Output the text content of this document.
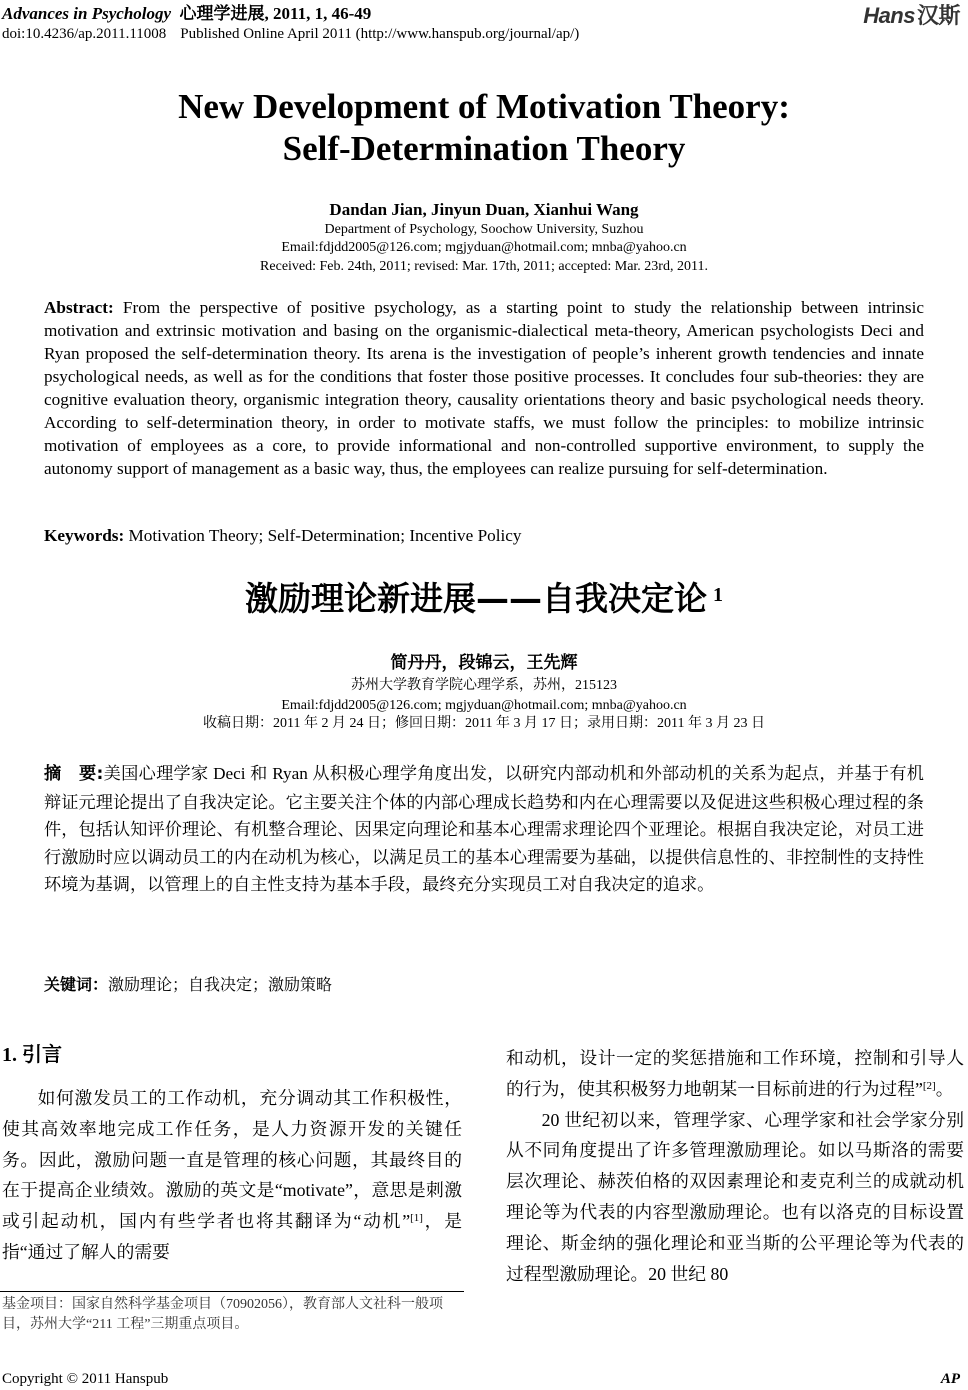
Advances in Psychology 心理学进展, 2011, 1, 46-49
doi:10.4236/ap.2011.11008 Published Online April 2011 (http://www.hanspub.org/journal/ap/)
Hans汉斯
New Development of Motivation Theory:
Self-Determination Theory
Dandan Jian, Jinyun Duan, Xianhui Wang
Department of Psychology, Soochow University, Suzhou
Email:fdjdd2005@126.com; mgjyduan@hotmail.com; mnba@yahoo.cn
Received: Feb. 24th, 2011; revised: Mar. 17th, 2011; accepted: Mar. 23rd, 2011.
Abstract: From the perspective of positive psychology, as a starting point to study the relationship between intrinsic motivation and extrinsic motivation and basing on the organismic-dialectical meta-theory, American psychologists Deci and Ryan proposed the self-determination theory. Its arena is the investigation of people’s inherent growth tendencies and innate psychological needs, as well as for the conditions that foster those positive processes. It concludes four sub-theories: they are cognitive evaluation theory, organismic integration theory, causality orientations theory and basic psychological needs theory. According to self-determination theory, in order to motivate staffs, we must follow the principles: to mobilize intrinsic motivation of employees as a core, to provide informational and non-controlled supportive environment, to supply the autonomy support of management as a basic way, thus, the employees can realize pursuing for self-determination.
Keywords: Motivation Theory; Self-Determination; Incentive Policy
激励理论新进展——自我决定论 $^1$
简丹丹，段锦云，王先辉
苏州大学教育学院心理学系，苏州，215123
Email:fdjdd2005@126.com; mgjyduan@hotmail.com; mnba@yahoo.cn
收稿日期：2011 年 2 月 24 日；修回日期：2011 年 3 月 17 日；录用日期：2011 年 3 月 23 日
摘　要:美国心理学家 Deci 和 Ryan 从积极心理学角度出发，以研究内部动机和外部动机的关系为起点，并基于有机辩证元理论提出了自我决定论。它主要关注个体的内部心理成长趋势和内在心理需要以及促进这些积极心理过程的条件，包括认知评价理论、有机整合理论、因果定向理论和基本心理需求理论四个亚理论。根据自我决定论，对员工进行激励时应以调动员工的内在动机为核心，以满足员工的基本心理需要为基础，以提供信息性的、非控制性的支持性环境为基调，以管理上的自主性支持为基本手段，最终充分实现员工对自我决定的追求。
关键词：激励理论；自我决定；激励策略
1. 引言

如何激发员工的工作动机，充分调动其工作积极性，使其高效率地完成工作任务，是人力资源开发的关键任务。因此，激励问题一直是管理的核心问题，其最终目的在于提高企业绩效。激励的英文是“motivate”，意思是刺激或引起动机，国内有些学者也将其翻译为“动机”[1]，是指“通过了解人的需要

基金项目：国家自然科学基金项目（70902056），教育部人文社科一般项目，苏州大学“211 工程”三期重点项目。

和动机，设计一定的奖惩措施和工作环境，控制和引导人的行为，使其积极努力地朝某一目标前进的行为过程”[2]。

20 世纪初以来，管理学家、心理学家和社会学家分别从不同角度提出了许多管理激励理论。如以马斯洛的需要层次理论、赫茨伯格的双因素理论和麦克利兰的成就动机理论等为代表的内容型激励理论。也有以洛克的目标设置理论、斯金纳的强化理论和亚当斯的公平理论等为代表的过程型激励理论。20 世纪 80

Copyright © 2011 Hanspub	AP
